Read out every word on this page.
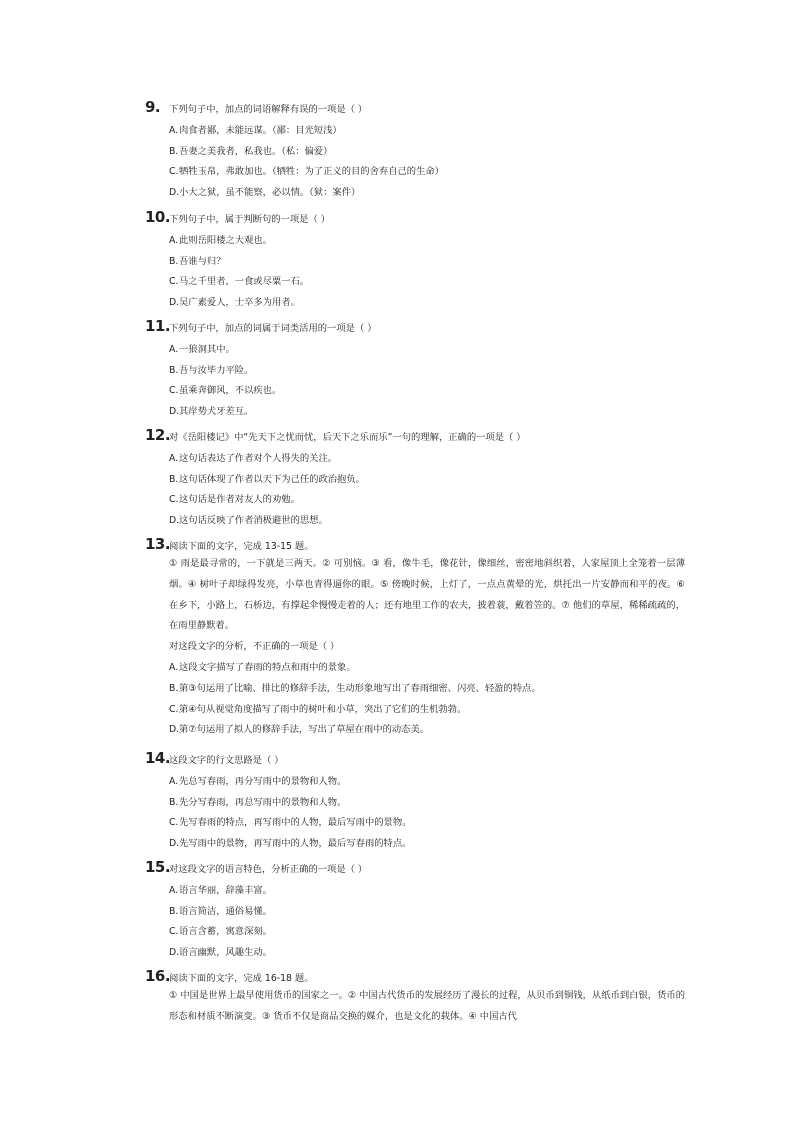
9. 下列句子中，加点的词语解释有误的一项是（ ）
A. 肉食者鄙，未能远谋。（鄙：目光短浅）
B. 吾妻之美我者，私我也。（私：偏爱）
C. 牺牲玉帛，弗敢加也。（牺牲：为了正义的目的舍弃自己的生命）
D. 小大之狱，虽不能察，必以情。（狱：案件）
10.
下列句子中，属于判断句的一项是（ ）
A. 此则岳阳楼之大观也。
B. 吾谁与归？
C. 马之千里者，一食或尽粟一石。
D. 吴广素爱人，士卒多为用者。
11.
下列句子中，加点的词属于词类活用的一项是（ ）
A. 一狼洞其中。
B. 吾与汝毕力平险。
C. 虽乘奔御风，不以疾也。
D. 其岸势犬牙差互。
12.
对《岳阳楼记》中“先天下之忧而忧，后天下之乐而乐”一句的理解，正确的一项是（ ）
A. 这句话表达了作者对个人得失的关注。
B. 这句话体现了作者以天下为己任的政治抱负。
C. 这句话是作者对友人的劝勉。
D. 这句话反映了作者消极避世的思想。
13.
阅读下面的文字，完成 13-15 题。
① 雨是最寻常的，一下就是三两天。② 可别恼。③ 看，像牛毛，像花针，像细丝，密密地斜织着，人家屋顶上全笼着一层薄烟。④ 树叶子却绿得发亮，小草也青得逼你的眼。⑤ 傍晚时候，上灯了，一点点黄晕的光，烘托出一片安静而和平的夜。⑥ 在乡下，小路上，石桥边，有撑起伞慢慢走着的人；还有地里工作的农夫，披着蓑，戴着笠的。⑦ 他们的草屋，稀稀疏疏的，在雨里静默着。
对这段文字的分析，不正确的一项是（ ）
A. 这段文字描写了春雨的特点和雨中的景象。
B. 第③句运用了比喻、排比的修辞手法，生动形象地写出了春雨细密、闪亮、轻盈的特点。
C. 第④句从视觉角度描写了雨中的树叶和小草，突出了它们的生机勃勃。
D. 第⑦句运用了拟人的修辞手法，写出了草屋在雨中的动态美。
14.
这段文字的行文思路是（ ）
A. 先总写春雨，再分写雨中的景物和人物。
B. 先分写春雨，再总写雨中的景物和人物。
C. 先写春雨的特点，再写雨中的人物，最后写雨中的景物。
D. 先写雨中的景物，再写雨中的人物，最后写春雨的特点。
15.
对这段文字的语言特色，分析正确的一项是（ ）
A. 语言华丽，辞藻丰富。
B. 语言简洁，通俗易懂。
C. 语言含蓄，寓意深刻。
D. 语言幽默，风趣生动。
16.
阅读下面的文字，完成 16-18 题。
① 中国是世界上最早使用货币的国家之一。② 中国古代货币的发展经历了漫长的过程，从贝币到铜钱，从纸币到白银，货币的形态和材质不断演变。③ 货币不仅是商品交换的媒介，也是文化的载体。④ 中国古代
